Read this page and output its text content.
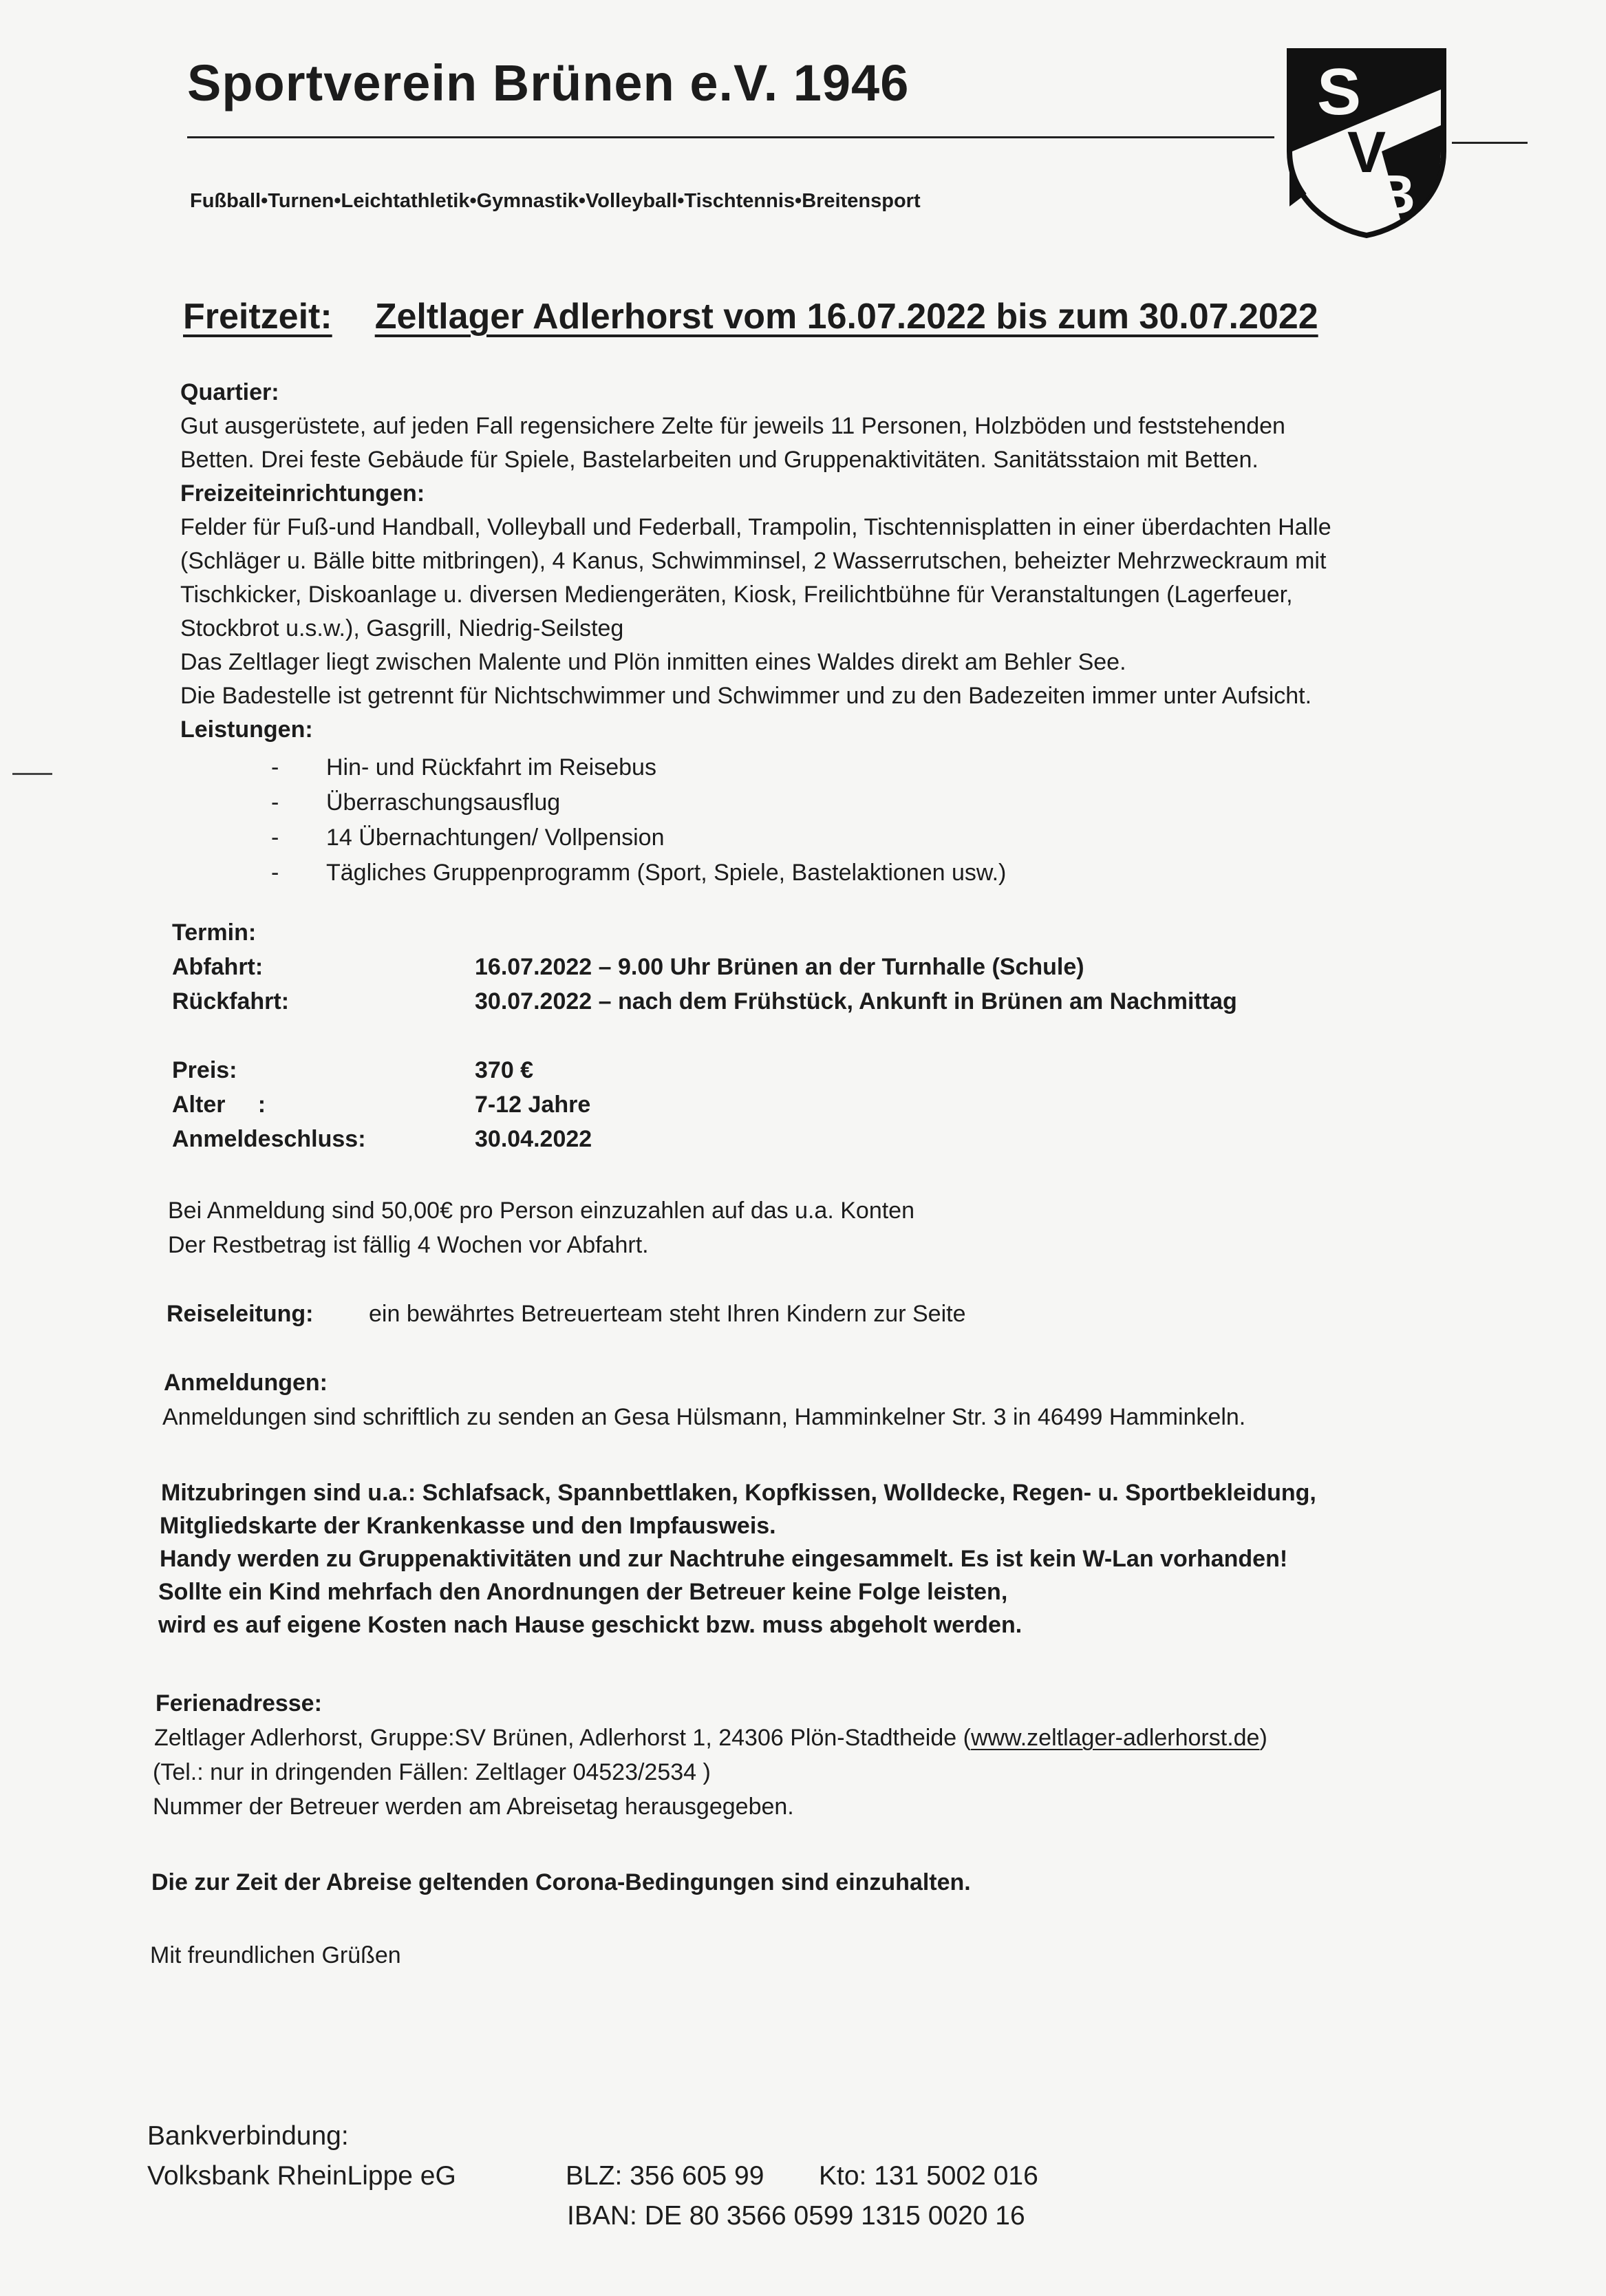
Sportverein Brünen e.V. 1946
Fußball•Turnen•Leichtathletik•Gymnastik•Volleyball•Tischtennis•Breitensport
S
V
B
Freitzeit: Zeltlager Adlerhorst vom 16.07.2022 bis zum 30.07.2022
Quartier:
Gut ausgerüstete, auf jeden Fall regensichere Zelte für jeweils 11 Personen, Holzböden und feststehenden
Betten. Drei feste Gebäude für Spiele, Bastelarbeiten und Gruppenaktivitäten. Sanitätsstaion mit Betten.
Freizeiteinrichtungen:
Felder für Fuß-und Handball, Volleyball und Federball, Trampolin, Tischtennisplatten in einer überdachten Halle
(Schläger u. Bälle bitte mitbringen), 4 Kanus, Schwimminsel, 2 Wasserrutschen, beheizter Mehrzweckraum mit
Tischkicker, Diskoanlage u. diversen Mediengeräten, Kiosk, Freilichtbühne für Veranstaltungen (Lagerfeuer,
Stockbrot u.s.w.), Gasgrill, Niedrig-Seilsteg
Das Zeltlager liegt zwischen Malente und Plön inmitten eines Waldes direkt am Behler See.
Die Badestelle ist getrennt für Nichtschwimmer und Schwimmer und zu den Badezeiten immer unter Aufsicht.
Leistungen:
- Hin- und Rückfahrt im Reisebus
- Überraschungsausflug
- 14 Übernachtungen/ Vollpension
- Tägliches Gruppenprogramm (Sport, Spiele, Bastelaktionen usw.)
Termin:
Abfahrt:	16.07.2022 – 9.00 Uhr Brünen an der Turnhalle (Schule)
Rückfahrt:	30.07.2022 – nach dem Frühstück, Ankunft in Brünen am Nachmittag
Preis:	370 €
Alter     :	7-12 Jahre
Anmeldeschluss:	30.04.2022
Bei Anmeldung sind 50,00€ pro Person einzuzahlen auf das u.a. Konten
Der Restbetrag ist fällig 4 Wochen vor Abfahrt.
Reiseleitung: ein bewährtes Betreuerteam steht Ihren Kindern zur Seite
Anmeldungen:
Anmeldungen sind schriftlich zu senden an Gesa Hülsmann, Hamminkelner Str. 3 in 46499 Hamminkeln.
Mitzubringen sind u.a.: Schlafsack, Spannbettlaken, Kopfkissen, Wolldecke, Regen- u. Sportbekleidung,
Mitgliedskarte der Krankenkasse und den Impfausweis.
Handy werden zu Gruppenaktivitäten und zur Nachtruhe eingesammelt. Es ist kein W-Lan vorhanden!
Sollte ein Kind mehrfach den Anordnungen der Betreuer keine Folge leisten,
wird es auf eigene Kosten nach Hause geschickt bzw. muss abgeholt werden.
Ferienadresse:
Zeltlager Adlerhorst, Gruppe:SV Brünen, Adlerhorst 1, 24306 Plön-Stadtheide (www.zeltlager-adlerhorst.de)
(Tel.: nur in dringenden Fällen: Zeltlager 04523/2534 )
Nummer der Betreuer werden am Abreisetag herausgegeben.
Die zur Zeit der Abreise geltenden Corona-Bedingungen sind einzuhalten.
Mit freundlichen Grüßen
Bankverbindung:
Volksbank RheinLippe eG	BLZ: 356 605 99 Kto: 131 5002 016
IBAN: DE 80 3566 0599 1315 0020 16
